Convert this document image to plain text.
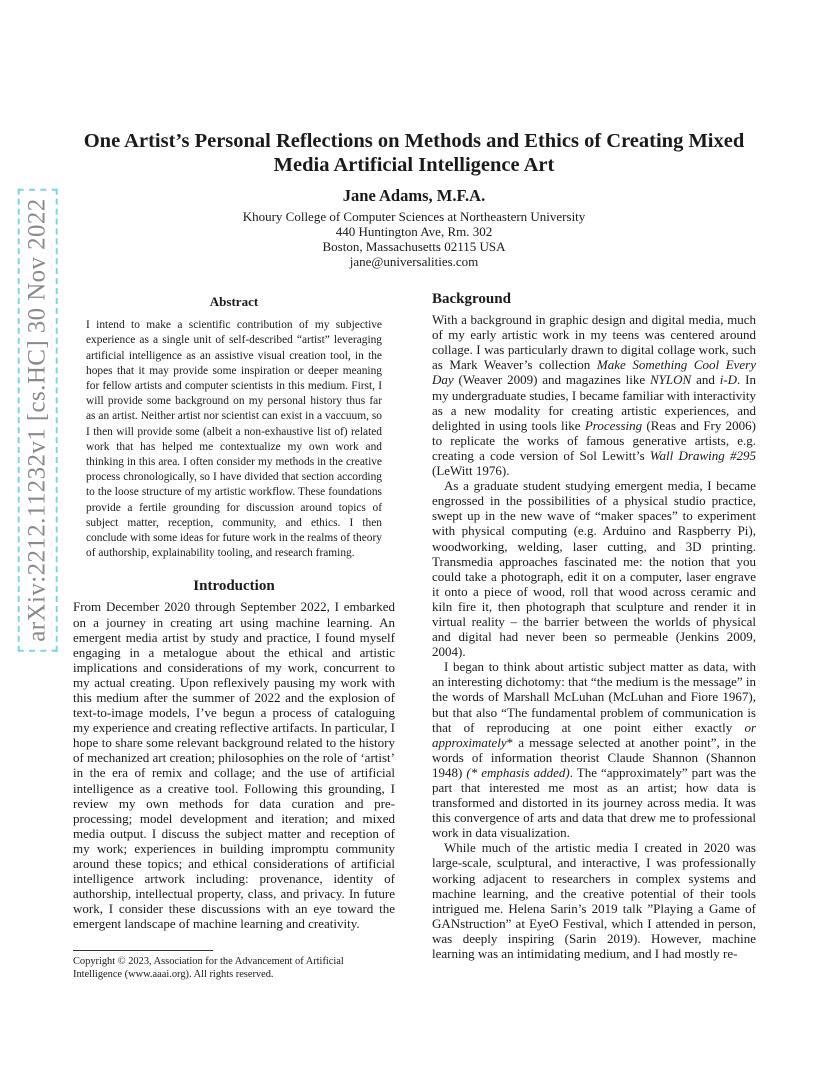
arXiv:2212.11232v1 [cs.HC] 30 Nov 2022
One Artist’s Personal Reflections on Methods and Ethics of Creating Mixed Media Artificial Intelligence Art
Jane Adams, M.F.A.
Khoury College of Computer Sciences at Northeastern University
440 Huntington Ave, Rm. 302
Boston, Massachusetts 02115 USA
jane@universalities.com
Abstract

I intend to make a scientific contribution of my subjective experience as a single unit of self-described “artist” leveraging artificial intelligence as an assistive visual creation tool, in the hopes that it may provide some inspiration or deeper meaning for fellow artists and computer scientists in this medium. First, I will provide some background on my personal history thus far as an artist. Neither artist nor scientist can exist in a vaccuum, so I then will provide some (albeit a non-exhaustive list of) related work that has helped me contextualize my own work and thinking in this area. I often consider my methods in the creative process chronologically, so I have divided that section according to the loose structure of my artistic workflow. These foundations provide a fertile grounding for discussion around topics of subject matter, reception, community, and ethics. I then conclude with some ideas for future work in the realms of theory of authorship, explainability tooling, and research framing.

Introduction

From December 2020 through September 2022, I embarked on a journey in creating art using machine learning. An emergent media artist by study and practice, I found myself engaging in a metalogue about the ethical and artistic implications and considerations of my work, concurrent to my actual creating. Upon reflexively pausing my work with this medium after the summer of 2022 and the explosion of text-to-image models, I’ve begun a process of cataloguing my experience and creating reflective artifacts. In particular, I hope to share some relevant background related to the history of mechanized art creation; philosophies on the role of ‘artist’ in the era of remix and collage; and the use of artificial intelligence as a creative tool. Following this grounding, I review my own methods for data curation and pre-processing; model development and iteration; and mixed media output. I discuss the subject matter and reception of my work; experiences in building impromptu community around these topics; and ethical considerations of artificial intelligence artwork including: provenance, identity of authorship, intellectual property, class, and privacy. In future work, I consider these discussions with an eye toward the emergent landscape of machine learning and creativity.

Copyright © 2023, Association for the Advancement of Artificial Intelligence (www.aaai.org). All rights reserved.
Background

With a background in graphic design and digital media, much of my early artistic work in my teens was centered around collage. I was particularly drawn to digital collage work, such as Mark Weaver’s collection Make Something Cool Every Day (Weaver 2009) and magazines like NYLON and i-D. In my undergraduate studies, I became familiar with interactivity as a new modality for creating artistic experiences, and delighted in using tools like Processing (Reas and Fry 2006) to replicate the works of famous generative artists, e.g. creating a code version of Sol Lewitt’s Wall Drawing #295 (LeWitt 1976).

As a graduate student studying emergent media, I became engrossed in the possibilities of a physical studio practice, swept up in the new wave of “maker spaces” to experiment with physical computing (e.g. Arduino and Raspberry Pi), woodworking, welding, laser cutting, and 3D printing. Transmedia approaches fascinated me: the notion that you could take a photograph, edit it on a computer, laser engrave it onto a piece of wood, roll that wood across ceramic and kiln fire it, then photograph that sculpture and render it in virtual reality – the barrier between the worlds of physical and digital had never been so permeable (Jenkins 2009, 2004).

I began to think about artistic subject matter as data, with an interesting dichotomy: that “the medium is the message” in the words of Marshall McLuhan (McLuhan and Fiore 1967), but that also “The fundamental problem of communication is that of reproducing at one point either exactly or approximately* a message selected at another point”, in the words of information theorist Claude Shannon (Shannon 1948) (* emphasis added). The “approximately” part was the part that interested me most as an artist; how data is transformed and distorted in its journey across media. It was this convergence of arts and data that drew me to professional work in data visualization.

While much of the artistic media I created in 2020 was large-scale, sculptural, and interactive, I was professionally working adjacent to researchers in complex systems and machine learning, and the creative potential of their tools intrigued me. Helena Sarin’s 2019 talk ”Playing a Game of GANstruction” at EyeO Festival, which I attended in person, was deeply inspiring (Sarin 2019). However, machine learning was an intimidating medium, and I had mostly re-
